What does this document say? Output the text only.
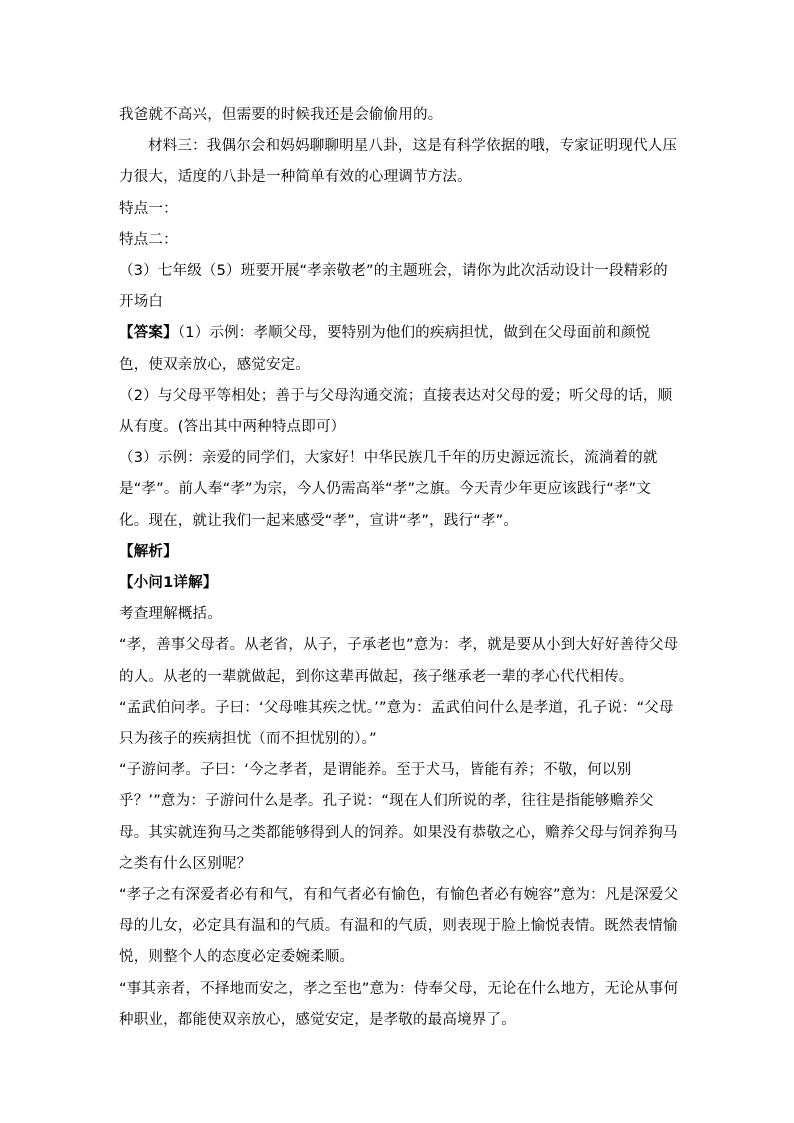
我爸就不高兴，但需要的时候我还是会偷偷用的。

材料三：我偶尔会和妈妈聊聊明星八卦，这是有科学依据的哦，专家证明现代人压力很大，适度的八卦是一种简单有效的心理调节方法。

特点一：

特点二：

（3）七年级（5）班要开展“孝亲敬老”的主题班会，请你为此次活动设计一段精彩的开场白

【答案】（1）示例：孝顺父母，要特别为他们的疾病担忧，做到在父母面前和颜悦色，使双亲放心，感觉安定。

（2）与父母平等相处；善于与父母沟通交流；直接表达对父母的爱；听父母的话，顺从有度。(答出其中两种特点即可）

（3）示例：亲爱的同学们，大家好！中华民族几千年的历史源远流长，流淌着的就是“孝”。前人奉“孝”为宗，今人仍需高举“孝”之旗。今天青少年更应该践行“孝”文化。现在，就让我们一起来感受“孝”，宣讲“孝”，践行“孝”。

【解析】

【小问1详解】

考查理解概括。

“孝，善事父母者。从老省，从子，子承老也”意为：孝，就是要从小到大好好善待父母的人。从老的一辈就做起，到你这辈再做起，孩子继承老一辈的孝心代代相传。

“孟武伯问孝。子曰：‘父母唯其疾之忧。’”意为：孟武伯问什么是孝道，孔子说：“父母只为孩子的疾病担忧（而不担忧别的）。”

“子游问孝。子曰：‘今之孝者，是谓能养。至于犬马，皆能有养；不敬，何以别乎？’”意为：子游问什么是孝。孔子说：“现在人们所说的孝，往往是指能够赡养父母。其实就连狗马之类都能够得到人的饲养。如果没有恭敬之心，赡养父母与饲养狗马之类有什么区别呢？

“孝子之有深爱者必有和气，有和气者必有愉色，有愉色者必有婉容”意为：凡是深爱父母的儿女，必定具有温和的气质。有温和的气质，则表现于脸上愉悦表情。既然表情愉悦，则整个人的态度必定委婉柔顺。

“事其亲者，不择地而安之，孝之至也”意为：侍奉父母，无论在什么地方，无论从事何种职业，都能使双亲放心，感觉安定，是孝敬的最高境界了。
